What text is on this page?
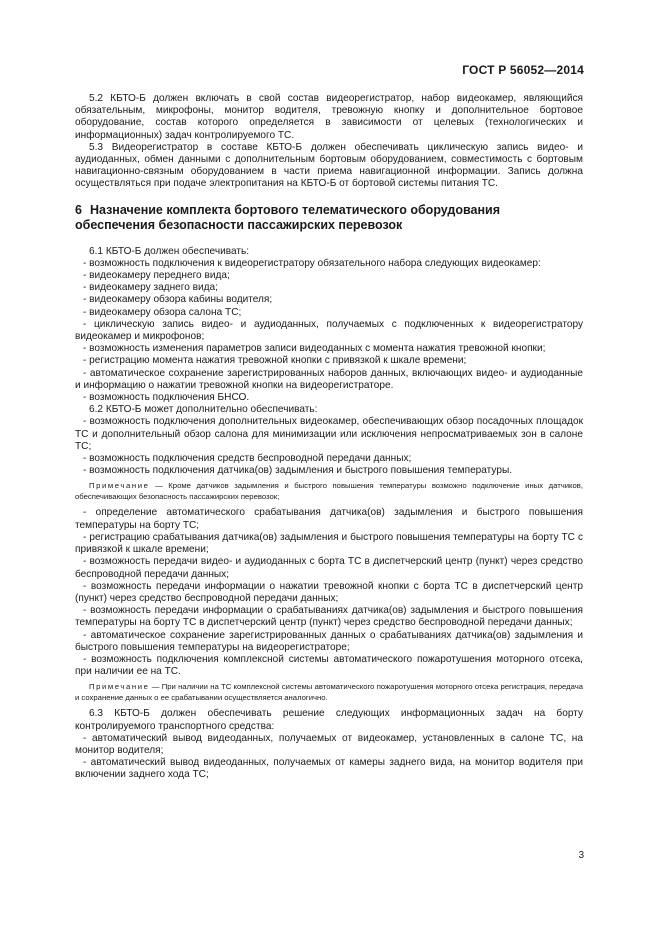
ГОСТ Р 56052—2014

5.2 КБТО-Б должен включать в свой состав видеорегистратор, набор видеокамер, являющийся обязательным, микрофоны, монитор водителя, тревожную кнопку и дополнительное бортовое оборудование, состав которого определяется в зависимости от целевых (технологических и информационных) задач контролируемого ТС.

5.3 Видеорегистратор в составе КБТО-Б должен обеспечивать циклическую запись видео- и аудиоданных, обмен данными с дополнительным бортовым оборудованием, совместимость с бортовым навигационно-связным оборудованием в части приема навигационной информации. Запись должна осуществляться при подаче электропитания на КБТО-Б от бортовой системы питания ТС.

6 Назначение комплекта бортового телематического оборудования
обеспечения безопасности пассажирских перевозок

6.1 КБТО-Б должен обеспечивать:

- возможность подключения к видеорегистратору обязательного набора следующих видеокамер:

- видеокамеру переднего вида;

- видеокамеру заднего вида;

- видеокамеру обзора кабины водителя;

- видеокамеру обзора салона ТС;

- циклическую запись видео- и аудиоданных, получаемых с подключенных к видеорегистратору видеокамер и микрофонов;

- возможность изменения параметров записи видеоданных с момента нажатия тревожной кнопки;

- регистрацию момента нажатия тревожной кнопки с привязкой к шкале времени;

- автоматическое сохранение зарегистрированных наборов данных, включающих видео- и аудиоданные и информацию о нажатии тревожной кнопки на видеорегистраторе.

- возможность подключения БНСО.

6.2 КБТО-Б может дополнительно обеспечивать:

- возможность подключения дополнительных видеокамер, обеспечивающих обзор посадочных площадок ТС и дополнительный обзор салона для минимизации или исключения непросматриваемых зон в салоне ТС;

- возможность подключения средств беспроводной передачи данных;

- возможность подключения датчика(ов) задымления и быстрого повышения температуры.

Примечание — Кроме датчиков задымления и быстрого повышения температуры возможно подключение иных датчиков, обеспечивающих безопасность пассажирских перевозок;

- определение автоматического срабатывания датчика(ов) задымления и быстрого повышения температуры на борту ТС;

- регистрацию срабатывания датчика(ов) задымления и быстрого повышения температуры на борту ТС с привязкой к шкале времени;

- возможность передачи видео- и аудиоданных с борта ТС в диспетчерский центр (пункт) через средство беспроводной передачи данных;

- возможность передачи информации о нажатии тревожной кнопки с борта ТС в диспетчерский центр (пункт) через средство беспроводной передачи данных;

- возможность передачи информации о срабатываниях датчика(ов) задымления и быстрого повышения температуры на борту ТС в диспетчерский центр (пункт) через средство беспроводной передачи данных;

- автоматическое сохранение зарегистрированных данных о срабатываниях датчика(ов) задымления и быстрого повышения температуры на видеорегистраторе;

- возможность подключения комплексной системы автоматического пожаротушения моторного отсека, при наличии ее на ТС.

Примечание — При наличии на ТС комплексной системы автоматического пожаротушения моторного отсека регистрация, передача и сохранение данных о ее срабатывании осуществляется аналогично.

6.3 КБТО-Б должен обеспечивать решение следующих информационных задач на борту контролируемого транспортного средства:

- автоматический вывод видеоданных, получаемых от видеокамер, установленных в салоне ТС, на монитор водителя;

- автоматический вывод видеоданных, получаемых от камеры заднего вида, на монитор водителя при включении заднего хода ТС;

3
